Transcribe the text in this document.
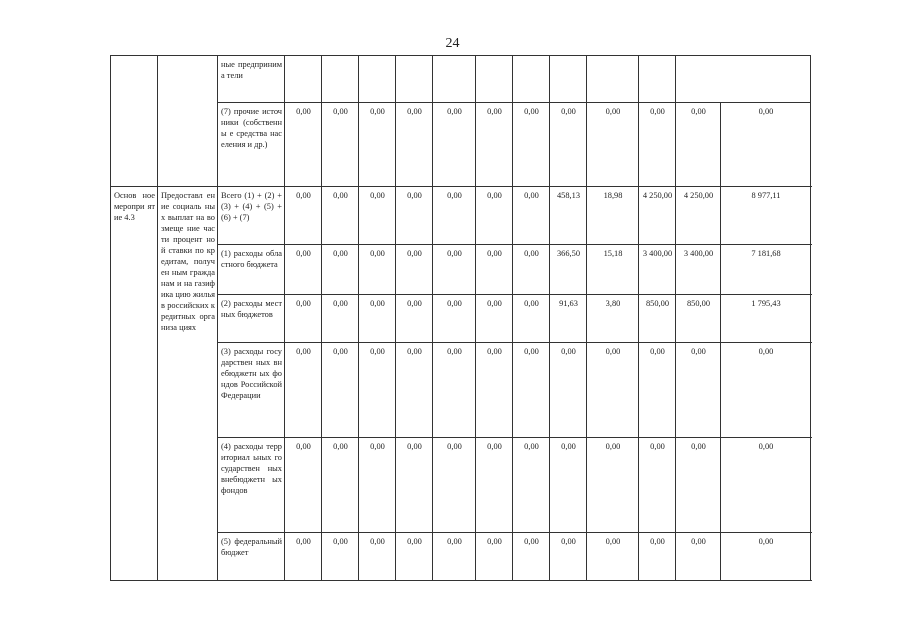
24
		ные предпринима тели												
		(7) прочие источники (собственны е средства населения и др.)	0,00	0,00	0,00	0,00	0,00	0,00	0,00	0,00	0,00	0,00	0,00	0,00
Основ ное меропри ятие 4.3	Предоставл ение социаль ных выплат на возмеще ние части процент ной ставки по кредитам, получен ным гражданам и на газифика цию жилья в российских кредитных организа циях	Всего (1) + (2) + (3) + (4) + (5) + (6) + (7)	0,00	0,00	0,00	0,00	0,00	0,00	0,00	458,13	18,98	4 250,00	4 250,00	8 977,11
		(1) расходы областного бюджета	0,00	0,00	0,00	0,00	0,00	0,00	0,00	366,50	15,18	3 400,00	3 400,00	7 181,68
		(2) расходы местных бюджетов	0,00	0,00	0,00	0,00	0,00	0,00	0,00	91,63	3,80	850,00	850,00	1 795,43
		(3) расходы государствен ных внебюджетн ых фондов Российской Федерации	0,00	0,00	0,00	0,00	0,00	0,00	0,00	0,00	0,00	0,00	0,00	0,00
		(4) расходы территориал ьных государствен ных внебюджетн ых фондов	0,00	0,00	0,00	0,00	0,00	0,00	0,00	0,00	0,00	0,00	0,00	0,00
		(5) федеральный бюджет	0,00	0,00	0,00	0,00	0,00	0,00	0,00	0,00	0,00	0,00	0,00	0,00
